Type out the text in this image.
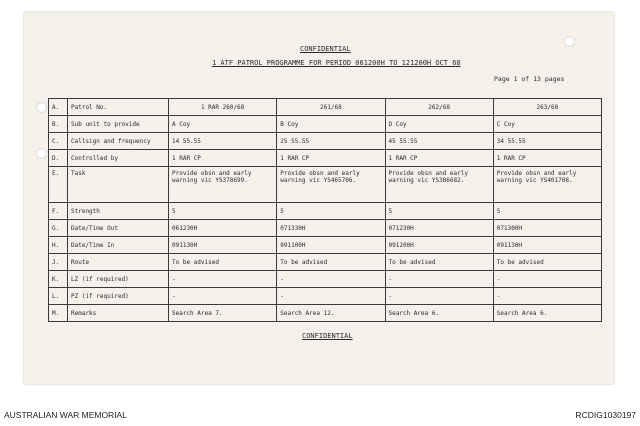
CONFIDENTIAL
1 ATF PATROL PROGRAMME FOR PERIOD 061200H TO 121200H OCT 68
Page 1 of 13 pages
A.	Patrol No.	1 RAR 260/68	261/68	262/68	263/68
B.	Sub unit to provide	A Coy	B Coy	D Coy	C Coy
C.	Callsign and frequency	14 55.55	25 55.55	45 55.55	34 55.55
D.	Controlled by	1 RAR CP	1 RAR CP	1 RAR CP	1 RAR CP
E.	Task	Provide obsn and early warning vic YS378699.	Provide obsn and early warning vic YS465706.	Provide obsn and early warning vic YS386682.	Provide obsn and early warning vic YS401708.
F.	Strength	5	5	5	5
G.	Date/Time Out	061230H	071330H	071230H	071300H
H.	Date/Time In	091130H	091100H	091200H	091130H
J.	Route	To be advised	To be advised	To be advised	To be advised
K.	LZ (if required)	-	-	-	-
L.	PZ (if required)	-	-	-	-
M.	Remarks	Search Area 7.	Search Area 12.	Search Area 6.	Search Area 6.
CONFIDENTIAL
AUSTRALIAN WAR MEMORIAL	RCDIG1030197
